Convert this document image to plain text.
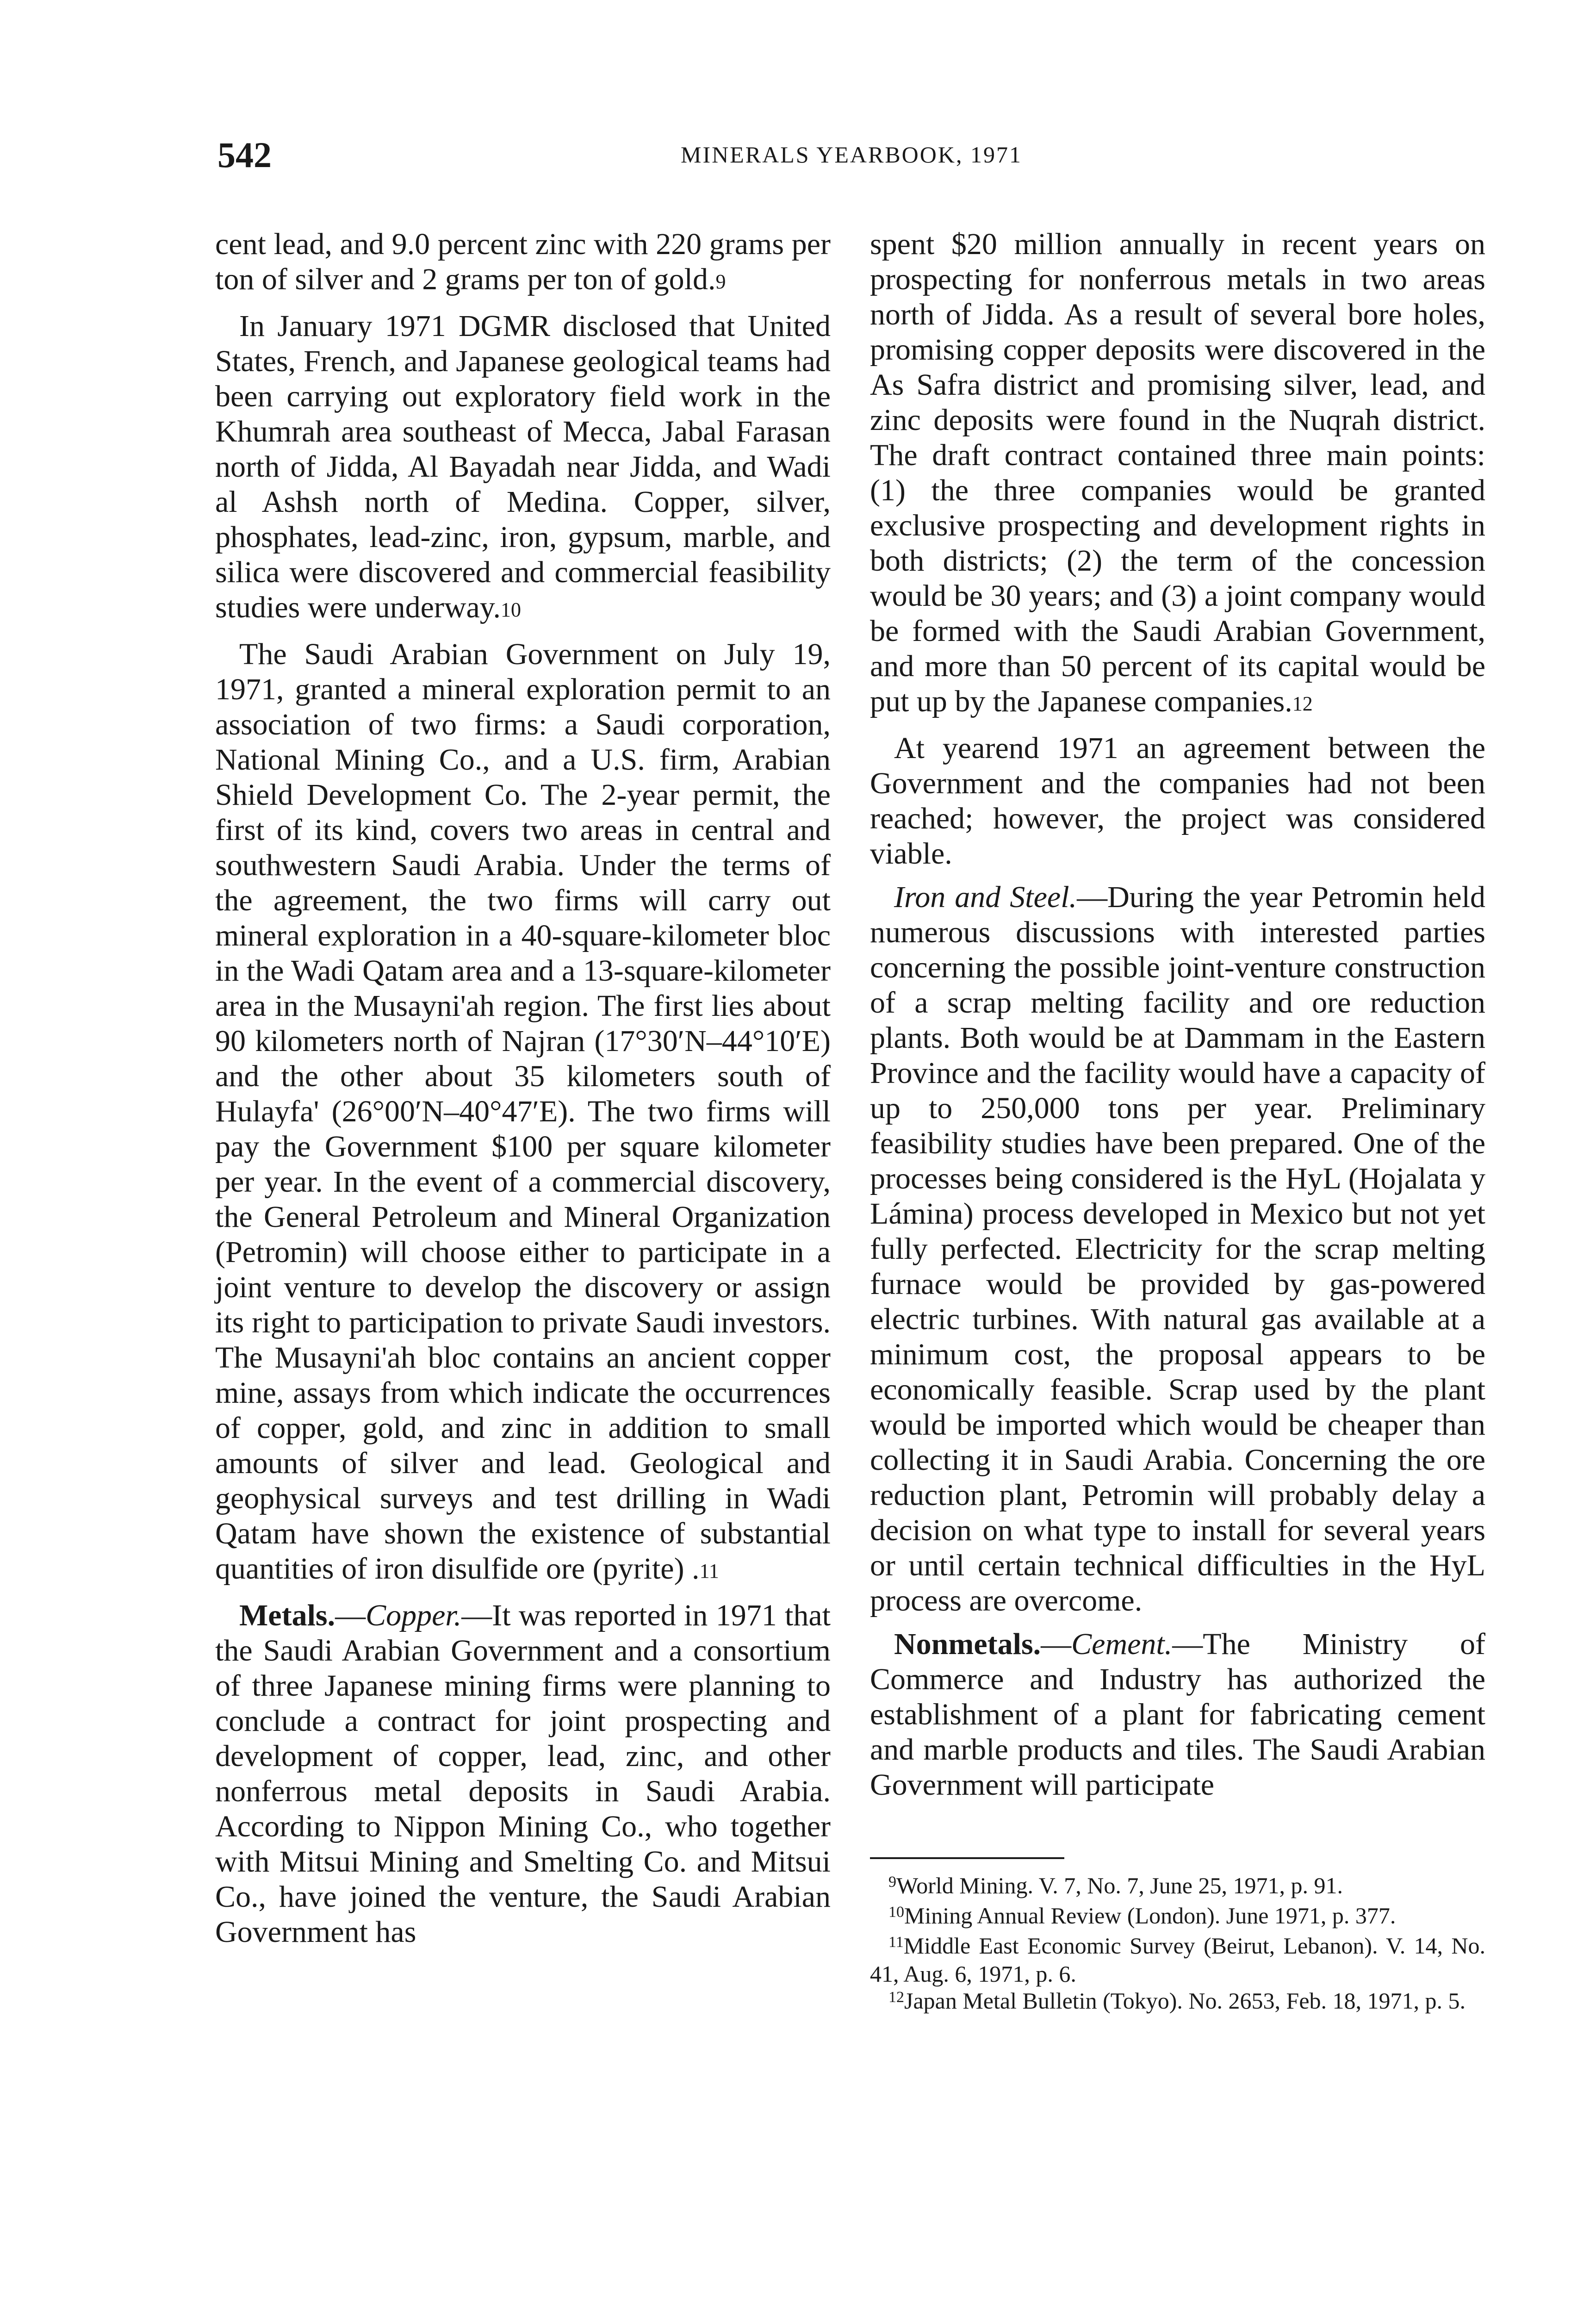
542	MINERALS YEARBOOK, 1971

cent lead, and 9.0 percent zinc with 220 grams per ton of silver and 2 grams per ton of gold.9

In January 1971 DGMR disclosed that United States, French, and Japanese geological teams had been carrying out exploratory field work in the Khumrah area southeast of Mecca, Jabal Farasan north of Jidda, Al Bayadah near Jidda, and Wadi al Ashsh north of Medina. Copper, silver, phosphates, lead-zinc, iron, gypsum, marble, and silica were discovered and commercial feasibility studies were underway.10

The Saudi Arabian Government on July 19, 1971, granted a mineral exploration permit to an association of two firms: a Saudi corporation, National Mining Co., and a U.S. firm, Arabian Shield Development Co. The 2-year permit, the first of its kind, covers two areas in central and southwestern Saudi Arabia. Under the terms of the agreement, the two firms will carry out mineral exploration in a 40-square-kilometer bloc in the Wadi Qatam area and a 13-square-kilometer area in the Musayni'ah region. The first lies about 90 kilometers north of Najran (17°30′N–44°10′E) and the other about 35 kilometers south of Hulayfa' (26°00′N–40°47′E). The two firms will pay the Government $100 per square kilometer per year. In the event of a commercial discovery, the General Petroleum and Mineral Organization (Petromin) will choose either to participate in a joint venture to develop the discovery or assign its right to participation to private Saudi investors. The Musayni'ah bloc contains an ancient copper mine, assays from which indicate the occurrences of copper, gold, and zinc in addition to small amounts of silver and lead. Geological and geophysical surveys and test drilling in Wadi Qatam have shown the existence of substantial quantities of iron disulfide ore (pyrite) .11

Metals.—Copper.—It was reported in 1971 that the Saudi Arabian Government and a consortium of three Japanese mining firms were planning to conclude a contract for joint prospecting and development of copper, lead, zinc, and other nonferrous metal deposits in Saudi Arabia. According to Nippon Mining Co., who together with Mitsui Mining and Smelting Co. and Mitsui Co., have joined the venture, the Saudi Arabian Government has

spent $20 million annually in recent years on prospecting for nonferrous metals in two areas north of Jidda. As a result of several bore holes, promising copper deposits were discovered in the As Safra district and promising silver, lead, and zinc deposits were found in the Nuqrah district. The draft contract contained three main points: (1) the three companies would be granted exclusive prospecting and development rights in both districts; (2) the term of the concession would be 30 years; and (3) a joint company would be formed with the Saudi Arabian Government, and more than 50 percent of its capital would be put up by the Japanese companies.12

At yearend 1971 an agreement between the Government and the companies had not been reached; however, the project was considered viable.

Iron and Steel.—During the year Petromin held numerous discussions with interested parties concerning the possible joint-venture construction of a scrap melting facility and ore reduction plants. Both would be at Dammam in the Eastern Province and the facility would have a capacity of up to 250,000 tons per year. Preliminary feasibility studies have been prepared. One of the processes being considered is the HyL (Hojalata y Lámina) process developed in Mexico but not yet fully perfected. Electricity for the scrap melting furnace would be provided by gas-powered electric turbines. With natural gas available at a minimum cost, the proposal appears to be economically feasible. Scrap used by the plant would be imported which would be cheaper than collecting it in Saudi Arabia. Concerning the ore reduction plant, Petromin will probably delay a decision on what type to install for several years or until certain technical difficulties in the HyL process are overcome.

Nonmetals.—Cement.—The Ministry of Commerce and Industry has authorized the establishment of a plant for fabricating cement and marble products and tiles. The Saudi Arabian Government will participate

$^9$World Mining. V. 7, No. 7, June 25, 1971, p. 91.

$^{10}$Mining Annual Review (London). June 1971, p. 377.

$^{11}$Middle East Economic Survey (Beirut, Lebanon). V. 14, No. 41, Aug. 6, 1971, p. 6.

$^{12}$Japan Metal Bulletin (Tokyo). No. 2653, Feb. 18, 1971, p. 5.
